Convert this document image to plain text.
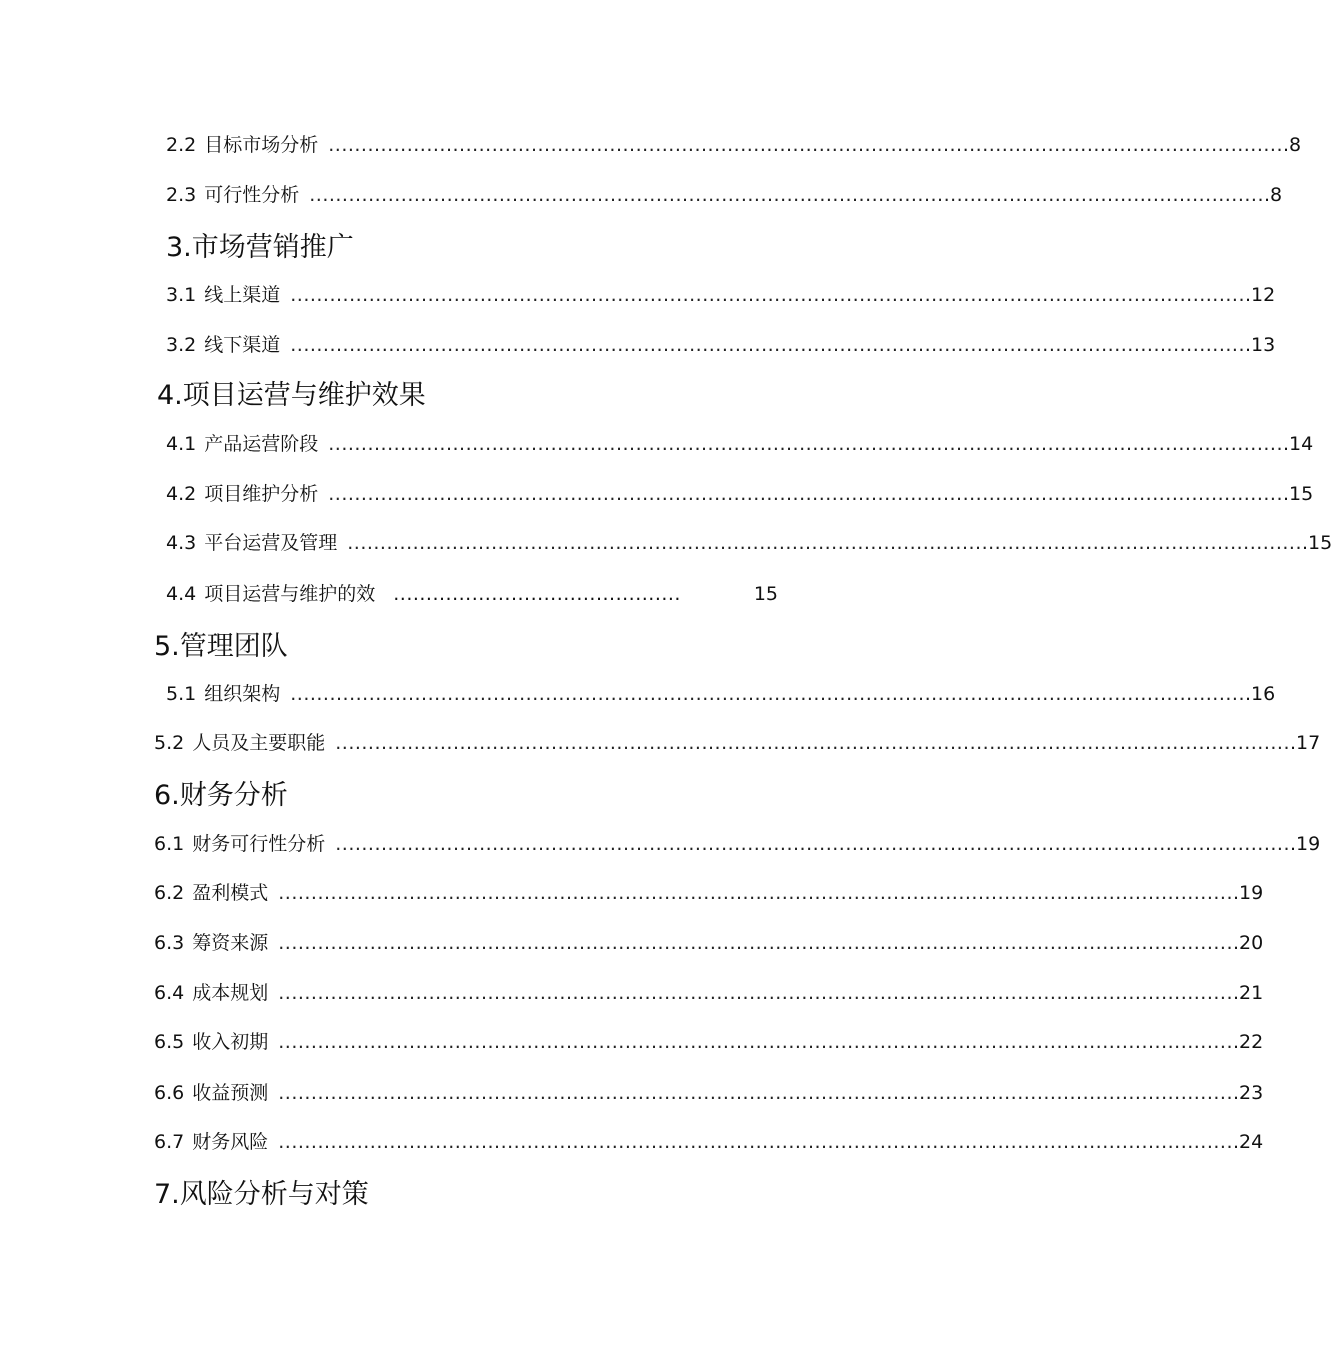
2.2 目标市场分析 .................................................................................................................................................. .8
2.3 可行性分析 .................................................................................................................................................. .8
3.市场营销推广
3.1 线上渠道 .................................................................................................................................................. .12
3.2 线下渠道 .................................................................................................................................................. .13
4.项目运营与维护效果
4.1 产品运营阶段 .................................................................................................................................................. .14
4.2 项目维护分析 .................................................................................................................................................. .15
4.3 平台运营及管理 .................................................................................................................................................. .15
4.4 项目运营与维护的效 ............................................	15
5.管理团队
5.1 组织架构 .................................................................................................................................................. .16
5.2 人员及主要职能 .................................................................................................................................................. .17
6.财务分析
6.1 财务可行性分析 .................................................................................................................................................. .19
6.2 盈利模式 .................................................................................................................................................. .19
6.3 筹资来源 .................................................................................................................................................. .20
6.4 成本规划 .................................................................................................................................................. .21
6.5 收入初期 .................................................................................................................................................. .22
6.6 收益预测 .................................................................................................................................................. .23
6.7 财务风险 .................................................................................................................................................. .24
7.风险分析与对策
